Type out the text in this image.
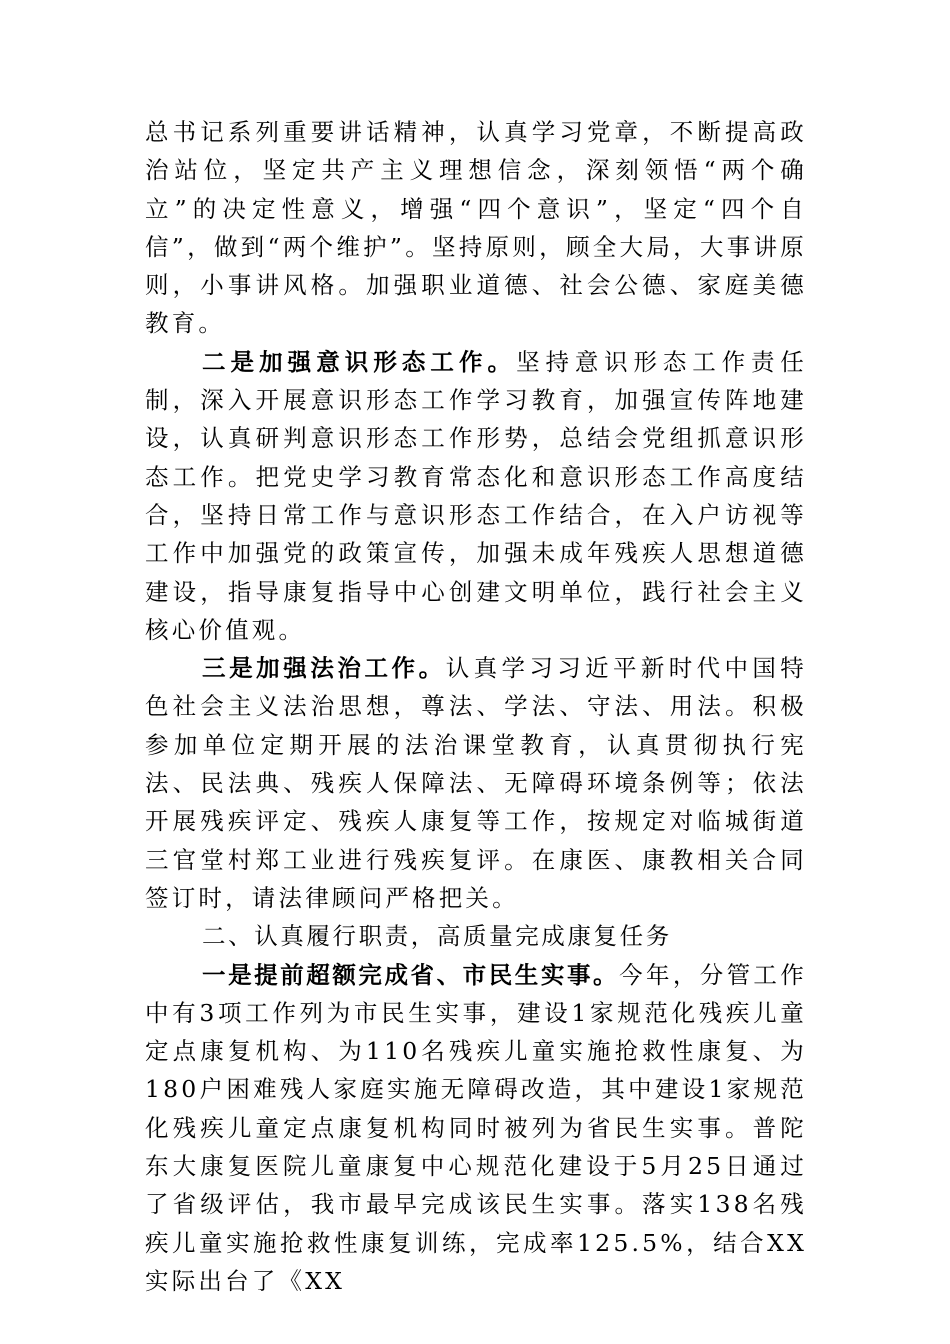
总书记系列重要讲话精神，认真学习党章，不断提高政治站位，坚定共产主义理想信念，深刻领悟“两个确立”的决定性意义，增强“四个意识”，坚定“四个自信”，做到“两个维护”。坚持原则，顾全大局，大事讲原则，小事讲风格。加强职业道德、社会公德、家庭美德教育。

二是加强意识形态工作。坚持意识形态工作责任制，深入开展意识形态工作学习教育，加强宣传阵地建设，认真研判意识形态工作形势，总结会党组抓意识形态工作。把党史学习教育常态化和意识形态工作高度结合，坚持日常工作与意识形态工作结合，在入户访视等工作中加强党的政策宣传，加强未成年残疾人思想道德建设，指导康复指导中心创建文明单位，践行社会主义核心价值观。

三是加强法治工作。认真学习习近平新时代中国特色社会主义法治思想，尊法、学法、守法、用法。积极参加单位定期开展的法治课堂教育，认真贯彻执行宪法、民法典、残疾人保障法、无障碍环境条例等；依法开展残疾评定、残疾人康复等工作，按规定对临城街道三官堂村郑工业进行残疾复评。在康医、康教相关合同签订时，请法律顾问严格把关。

二、认真履行职责，高质量完成康复任务

一是提前超额完成省、市民生实事。今年，分管工作中有3项工作列为市民生实事，建设1家规范化残疾儿童定点康复机构、为110名残疾儿童实施抢救性康复、为180户困难残人家庭实施无障碍改造，其中建设1家规范化残疾儿童定点康复机构同时被列为省民生实事。普陀东大康复医院儿童康复中心规范化建设于5月25日通过了省级评估，我市最早完成该民生实事。落实138名残疾儿童实施抢救性康复训练，完成率125.5%，结合XX实际出台了《XX
